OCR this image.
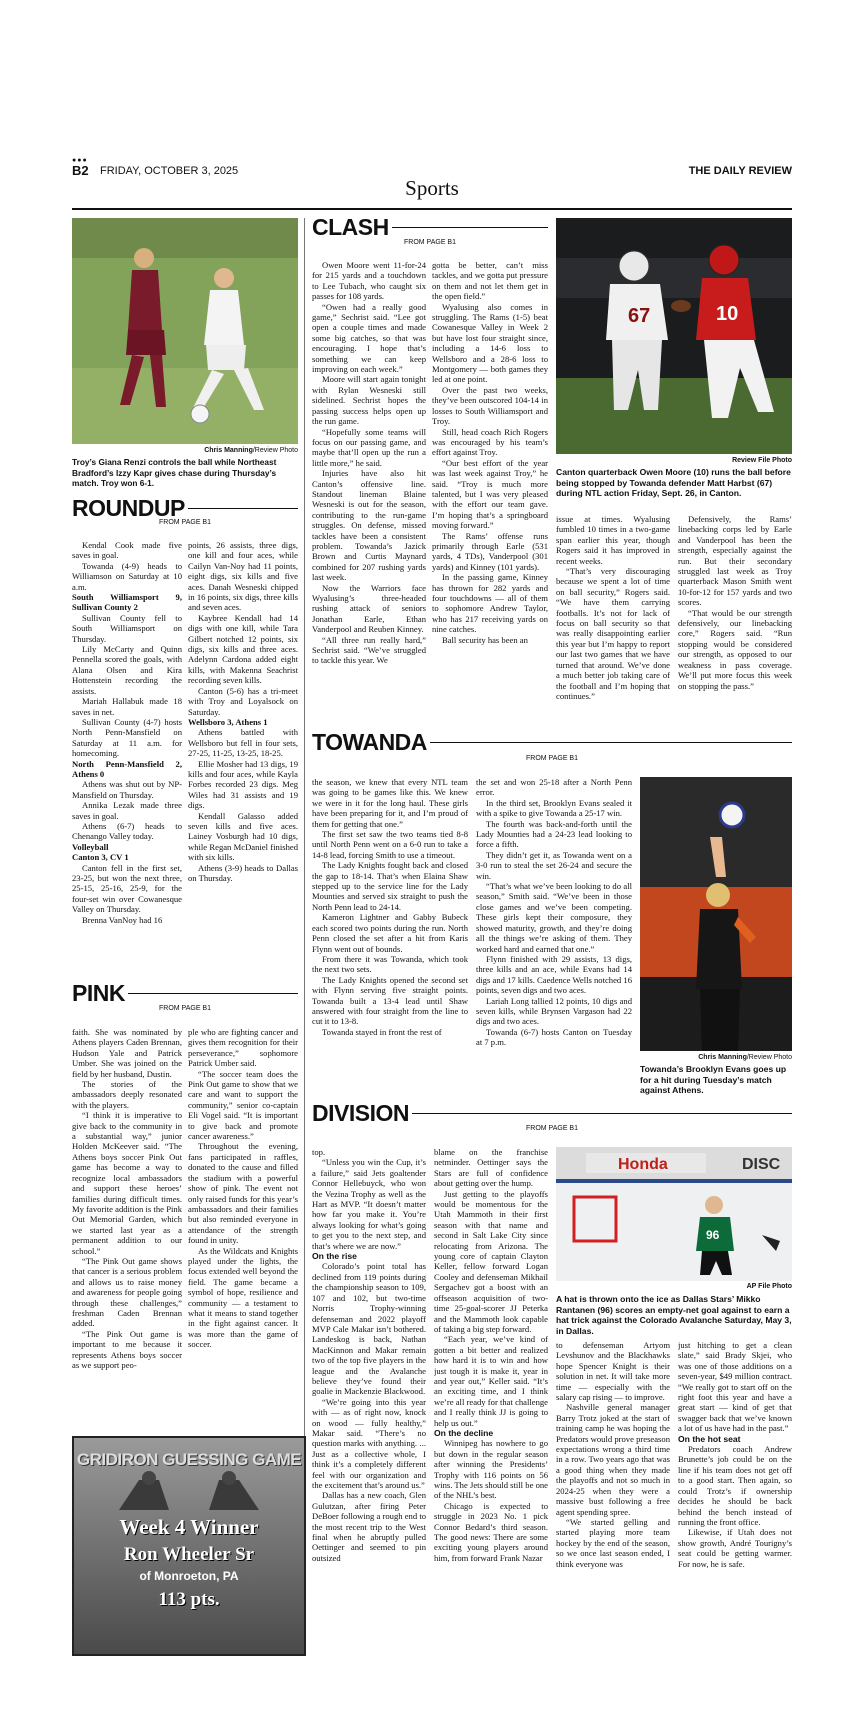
●●●
B2 FRIDAY, OCTOBER 3, 2025	THE DAILY REVIEW
Sports
Chris Manning/Review Photo
Troy’s Giana Renzi controls the ball while Northeast Bradford’s Izzy Kapr gives chase during Thursday’s match. Troy won 6-1.
ROUNDUP
FROM PAGE B1

Kendal Cook made five saves in goal.

Towanda (4-9) heads to Williamson on Saturday at 10 a.m.

South Williamsport 9, Sullivan County 2

Sullivan County fell to South Williamsport on Thursday.

Lily McCarty and Quinn Pennella scored the goals, with Alana Olsen and Kira Hottenstein recording the assists.

Mariah Hallabuk made 18 saves in net.

Sullivan County (4-7) hosts North Penn-Mansfield on Saturday at 11 a.m. for homecoming.

North Penn-Mansfield 2, Athens 0

Athens was shut out by NP-Mansfield on Thursday.

Annika Lezak made three saves in goal.

Athens (6-7) heads to Chenango Valley today.

Volleyball

Canton 3, CV 1

Canton fell in the first set, 23-25, but won the next three, 25-15, 25-16, 25-9, for the four-set win over Cowanesque Valley on Thursday.

Brenna VanNoy had 16

points, 26 assists, three digs, one kill and four aces, while Cailyn Van-Noy had 11 points, eight digs, six kills and five aces. Danah Wesneski chipped in 16 points, six digs, three kills and seven aces.

Kaybree Kendall had 14 digs with one kill, while Tara Gilbert notched 12 points, six digs, six kills and three aces. Adelynn Cardona added eight kills, with Makenna Seachrist recording seven kills.

Canton (5-6) has a tri-meet with Troy and Loyalsock on Saturday.

Wellsboro 3, Athens 1

Athens battled with Wellsboro but fell in four sets, 27-25, 11-25, 13-25, 18-25.

Ellie Mosher had 13 digs, 19 kills and four aces, while Kayla Forbes recorded 23 digs. Meg Wiles had 31 assists and 19 digs.

Kendall Galasso added seven kills and five aces. Lainey Vosburgh had 10 digs, while Regan McDaniel finished with six kills.

Athens (3-9) heads to Dallas on Thursday.

CLASH
FROM PAGE B1

Owen Moore went 11-for-24 for 215 yards and a touchdown to Lee Tubach, who caught six passes for 108 yards.

“Owen had a really good game,” Sechrist said. “Lee got open a couple times and made some big catches, so that was encouraging. I hope that’s something we can keep improving on each week.”

Moore will start again tonight with Rylan Wesneski still sidelined. Sechrist hopes the passing success helps open up the run game.

“Hopefully some teams will focus on our passing game, and maybe that’ll open up the run a little more,” he said.

Injuries have also hit Canton’s offensive line. Standout lineman Blaine Wesneski is out for the season, contributing to the run-game struggles. On defense, missed tackles have been a consistent problem. Towanda’s Jazick Brown and Curtis Maynard combined for 207 rushing yards last week.

Now the Warriors face Wyalusing’s three-headed rushing attack of seniors Jonathan Earle, Ethan Vanderpool and Reuben Kinney.

“All three run really hard,” Sechrist said. “We’ve struggled to tackle this year. We

gotta be better, can’t miss tackles, and we gotta put pressure on them and not let them get in the open field.”

Wyalusing also comes in struggling. The Rams (1-5) beat Cowanesque Valley in Week 2 but have lost four straight since, including a 14-6 loss to Wellsboro and a 28-6 loss to Montgomery — both games they led at one point.

Over the past two weeks, they’ve been outscored 104-14 in losses to South Williamsport and Troy.

Still, head coach Rich Rogers was encouraged by his team’s effort against Troy.

“Our best effort of the year was last week against Troy,” he said. “Troy is much more talented, but I was very pleased with the effort our team gave. I’m hoping that’s a springboard moving forward.”

The Rams’ offense runs primarily through Earle (531 yards, 4 TDs), Vanderpool (301 yards) and Kinney (101 yards).

In the passing game, Kinney has thrown for 282 yards and four touchdowns — all of them to sophomore Andrew Taylor, who has 217 receiving yards on nine catches.

Ball security has been an

67	10
Review File Photo
Canton quarterback Owen Moore (10) runs the ball before being stopped by Towanda defender Matt Harbst (67) during NTL action Friday, Sept. 26, in Canton.

issue at times. Wyalusing fumbled 10 times in a two-game span earlier this year, though Rogers said it has improved in recent weeks.

“That’s very discouraging because we spent a lot of time on ball security,” Rogers said. “We have them carrying footballs. It’s not for lack of focus on ball security so that was really disappointing earlier this year but I’m happy to report our last two games that we have turned that around. We’ve done a much better job taking care of the football and I’m hoping that continues.”

Defensively, the Rams’ linebacking corps led by Earle and Vanderpool has been the strength, especially against the run. But their secondary struggled last week as Troy quarterback Mason Smith went 10-for-12 for 157 yards and two scores.

“That would be our strength defensively, our linebacking core,” Rogers said. “Run stopping would be considered our strength, as opposed to our weakness in pass coverage. We’ll put more focus this week on stopping the pass.”

TOWANDA
FROM PAGE B1

the season, we knew that every NTL team was going to be games like this. We knew we were in it for the long haul. These girls have been preparing for it, and I’m proud of them for getting that one.”

The first set saw the two teams tied 8-8 until North Penn went on a 6-0 run to take a 14-8 lead, forcing Smith to use a timeout.

The Lady Knights fought back and closed the gap to 18-14. That’s when Elaina Shaw stepped up to the service line for the Lady Mounties and served six straight to push the North Penn lead to 24-14.

Kameron Lightner and Gabby Bubeck each scored two points during the run. North Penn closed the set after a hit from Karis Flynn went out of bounds.

From there it was Towanda, which took the next two sets.

The Lady Knights opened the second set with Flynn serving five straight points. Towanda built a 13-4 lead until Shaw answered with four straight from the line to cut it to 13-8.

Towanda stayed in front the rest of

the set and won 25-18 after a North Penn error.

In the third set, Brooklyn Evans sealed it with a spike to give Towanda a 25-17 win.

The fourth was back-and-forth until the Lady Mounties had a 24-23 lead looking to force a fifth.

They didn’t get it, as Towanda went on a 3-0 run to steal the set 26-24 and secure the win.

“That’s what we’ve been looking to do all season,” Smith said. “We’ve been in those close games and we’ve been competing. These girls kept their composure, they showed maturity, growth, and they’re doing all the things we’re asking of them. They worked hard and earned that one.”

Flynn finished with 29 assists, 13 digs, three kills and an ace, while Evans had 14 digs and 17 kills. Caedence Wells notched 16 points, seven digs and two aces.

Lariah Long tallied 12 points, 10 digs and seven kills, while Brynsen Vargason had 22 digs and two aces.

Towanda (6-7) hosts Canton on Tuesday at 7 p.m.

Chris Manning/Review Photo
Towanda’s Brooklyn Evans goes up for a hit during Tuesday’s match against Athens.
PINK
FROM PAGE B1

faith. She was nominated by Athens players Caden Brennan, Hudson Yale and Patrick Umber. She was joined on the field by her husband, Dustin.

The stories of the ambassadors deeply resonated with the players.

“I think it is imperative to give back to the community in a substantial way,” junior Holden McKeever said. “The Athens boys soccer Pink Out game has become a way to recognize local ambassadors and support these heroes’ families during difficult times. My favorite addition is the Pink Out Memorial Garden, which we started last year as a permanent addition to our school.”

“The Pink Out game shows that cancer is a serious problem and allows us to raise money and awareness for people going through these challenges,” freshman Caden Brennan added.

“The Pink Out game is important to me because it represents Athens boys soccer as we support peo-

ple who are fighting cancer and gives them recognition for their perseverance,” sophomore Patrick Umber said.

“The soccer team does the Pink Out game to show that we care and want to support the community,” senior co-captain Eli Vogel said. “It is important to give back and promote cancer awareness.”

Throughout the evening, fans participated in raffles, donated to the cause and filled the stadium with a powerful show of pink. The event not only raised funds for this year’s ambassadors and their families but also reminded everyone in attendance of the strength found in unity.

As the Wildcats and Knights played under the lights, the focus extended well beyond the field. The game became a symbol of hope, resilience and community — a testament to what it means to stand together in the fight against cancer. It was more than the game of soccer.

GRIDIRON GUESSING GAME
Week 4 Winner
Ron Wheeler Sr
of Monroeton, PA
113 pts.
DIVISION
FROM PAGE B1

top.

“Unless you win the Cup, it’s a failure,” said Jets goaltender Connor Hellebuyck, who won the Vezina Trophy as well as the Hart as MVP. “It doesn’t matter how far you make it. You’re always looking for what’s going to get you to the next step, and that’s where we are now.”

On the rise

Colorado’s point total has declined from 119 points during the championship season to 109, 107 and 102, but two-time Norris Trophy-winning defenseman and 2022 playoff MVP Cale Makar isn’t bothered. Landeskog is back, Nathan MacKinnon and Makar remain two of the top five players in the league and the Avalanche believe they’ve found their goalie in Mackenzie Blackwood.

“We’re going into this year with — as of right now, knock on wood — fully healthy,” Makar said. “There’s no question marks with anything. ... Just as a collective whole, I think it’s a completely different feel with our organization and the excitement that’s around us.”

Dallas has a new coach, Glen Gulutzan, after firing Peter DeBoer following a rough end to the most recent trip to the West final when he abruptly pulled Oettinger and seemed to pin outsized

blame on the franchise netminder. Oettinger says the Stars are full of confidence about getting over the hump.

Just getting to the playoffs would be momentous for the Utah Mammoth in their first season with that name and second in Salt Lake City since relocating from Arizona. The young core of captain Clayton Keller, fellow forward Logan Cooley and defenseman Mikhail Sergachev got a boost with an offseason acquisition of two-time 25-goal-scorer JJ Peterka and the Mammoth look capable of taking a big step forward.

“Each year, we’ve kind of gotten a bit better and realized how hard it is to win and how just tough it is make it, year in and year out,” Keller said. “It’s an exciting time, and I think we’re all ready for that challenge and I really think JJ is going to help us out.”

On the decline

Winnipeg has nowhere to go but down in the regular season after winning the Presidents’ Trophy with 116 points on 56 wins. The Jets should still be one of the NHL’s best.

Chicago is expected to struggle in 2023 No. 1 pick Connor Bedard’s third season. The good news: There are some exciting young players around him, from forward Frank Nazar

Honda	DISC
96
AP File Photo
A hat is thrown onto the ice as Dallas Stars’ Mikko Rantanen (96) scores an empty-net goal against to earn a hat trick against the Colorado Avalanche Saturday, May 3, in Dallas.

to defenseman Artyom Levshunov and the Blackhawks hope Spencer Knight is their solution in net. It will take more time — especially with the salary cap rising — to improve.

Nashville general manager Barry Trotz joked at the start of training camp he was hoping the Predators would prove preseason expectations wrong a third time in a row. Two years ago that was a good thing when they made the playoffs and not so much in 2024-25 when they were a massive bust following a free agent spending spree.

“We started gelling and started playing more team hockey by the end of the season, so we once last season ended, I think everyone was

just hitching to get a clean slate,” said Brady Skjei, who was one of those additions on a seven-year, $49 million contract. “We really got to start off on the right foot this year and have a great start — kind of get that swagger back that we’ve known a lot of us have had in the past.”

On the hot seat

Predators coach Andrew Brunette’s job could be on the line if his team does not get off to a good start. Then again, so could Trotz’s if ownership decides he should be back behind the bench instead of running the front office.

Likewise, if Utah does not show growth, André Tourigny’s seat could be getting warmer. For now, he is safe.
